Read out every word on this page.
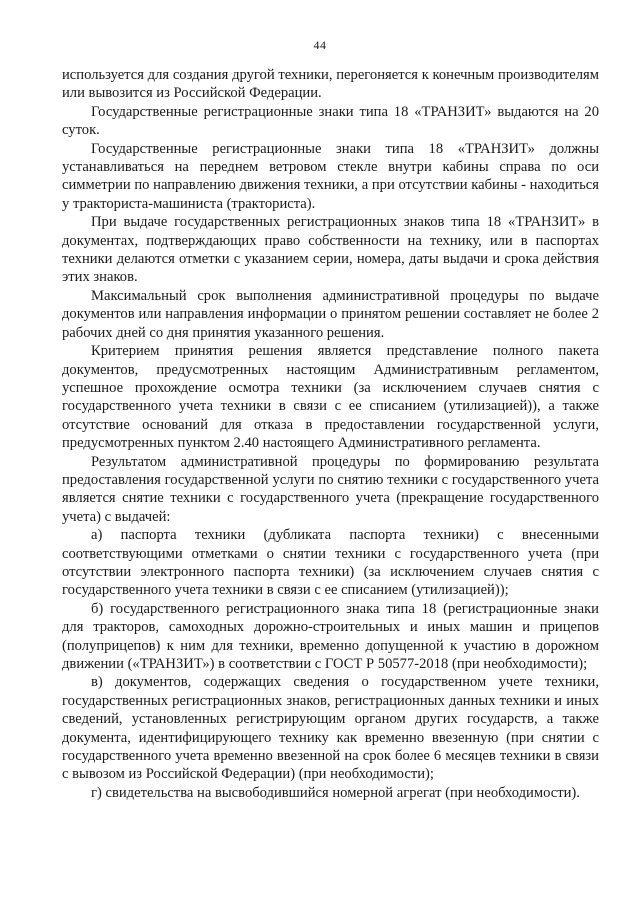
44

используется для создания другой техники, перегоняется к конечным производителям или вывозится из Российской Федерации.

Государственные регистрационные знаки типа 18 «ТРАНЗИТ» выдаются на 20 суток.

Государственные регистрационные знаки типа 18 «ТРАНЗИТ» должны устанавливаться на переднем ветровом стекле внутри кабины справа по оси симметрии по направлению движения техники, а при отсутствии кабины - находиться у тракториста-машиниста (тракториста).

При выдаче государственных регистрационных знаков типа 18 «ТРАНЗИТ» в документах, подтверждающих право собственности на технику, или в паспортах техники делаются отметки с указанием серии, номера, даты выдачи и срока действия этих знаков.

Максимальный срок выполнения административной процедуры по выдаче документов или направления информации о принятом решении составляет не более 2 рабочих дней со дня принятия указанного решения.

Критерием принятия решения является представление полного пакета документов, предусмотренных настоящим Административным регламентом, успешное прохождение осмотра техники (за исключением случаев снятия с государственного учета техники в связи с ее списанием (утилизацией)), а также отсутствие оснований для отказа в предоставлении государственной услуги, предусмотренных пунктом 2.40 настоящего Административного регламента.

Результатом административной процедуры по формированию результата предоставления государственной услуги по снятию техники с государственного учета является снятие техники с государственного учета (прекращение государственного учета) с выдачей:

а) паспорта техники (дубликата паспорта техники) с внесенными соответствующими отметками о снятии техники с государственного учета (при отсутствии электронного паспорта техники) (за исключением случаев снятия с государственного учета техники в связи с ее списанием (утилизацией));

б) государственного регистрационного знака типа 18 (регистрационные знаки для тракторов, самоходных дорожно-строительных и иных машин и прицепов (полуприцепов) к ним для техники, временно допущенной к участию в дорожном движении («ТРАНЗИТ») в соответствии с ГОСТ Р 50577-2018 (при необходимости);

в) документов, содержащих сведения о государственном учете техники, государственных регистрационных знаков, регистрационных данных техники и иных сведений, установленных регистрирующим органом других государств, а также документа, идентифицирующего технику как временно ввезенную (при снятии с государственного учета временно ввезенной на срок более 6 месяцев техники в связи с вывозом из Российской Федерации) (при необходимости);

г) свидетельства на высвободившийся номерной агрегат (при необходимости).
